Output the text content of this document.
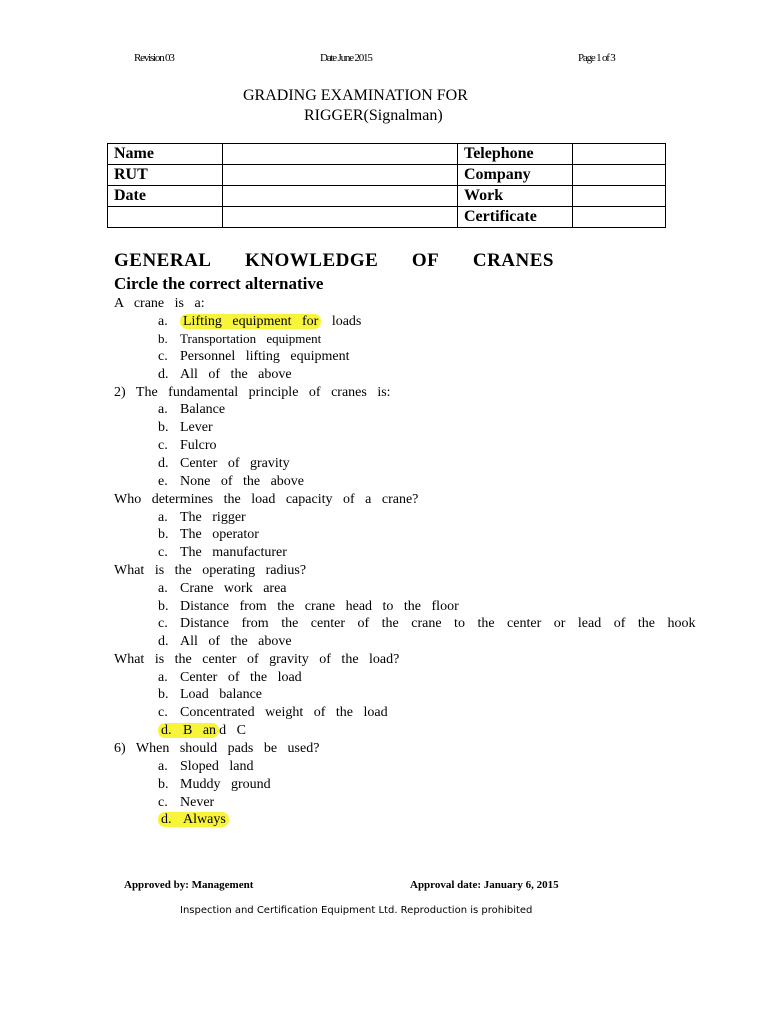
Revision 03	Date June 2015	Page 1 of 3
GRADING EXAMINATION FOR
RIGGER(Signalman)
Name		Telephone	
RUT		Company	
Date		Work	
		Certificate	
GENERAL KNOWLEDGE OF CRANES
Circle the correct alternative
A crane is a:
a. Lifting equipment for loads
b. Transportation equipment
c. Personnel lifting equipment
d. All of the above
2) The fundamental principle of cranes is:
a. Balance
b. Lever
c. Fulcro
d. Center of gravity
e. None of the above
Who determines the load capacity of a crane?
a. The rigger
b. The operator
c. The manufacturer
What is the operating radius?
a. Crane work area
b. Distance from the crane head to the floor
c. Distance from the center of the crane to the center or lead of the hook
d. All of the above
What is the center of gravity of the load?
a. Center of the load
b. Load balance
c. Concentrated weight of the load
d. B an d C
6) When should pads be used?
a. Sloped land
b. Muddy ground
c. Never
d. Always
Approved by: Management	Approval date: January 6, 2015
Inspection and Certification Equipment Ltd. Reproduction is prohibited
